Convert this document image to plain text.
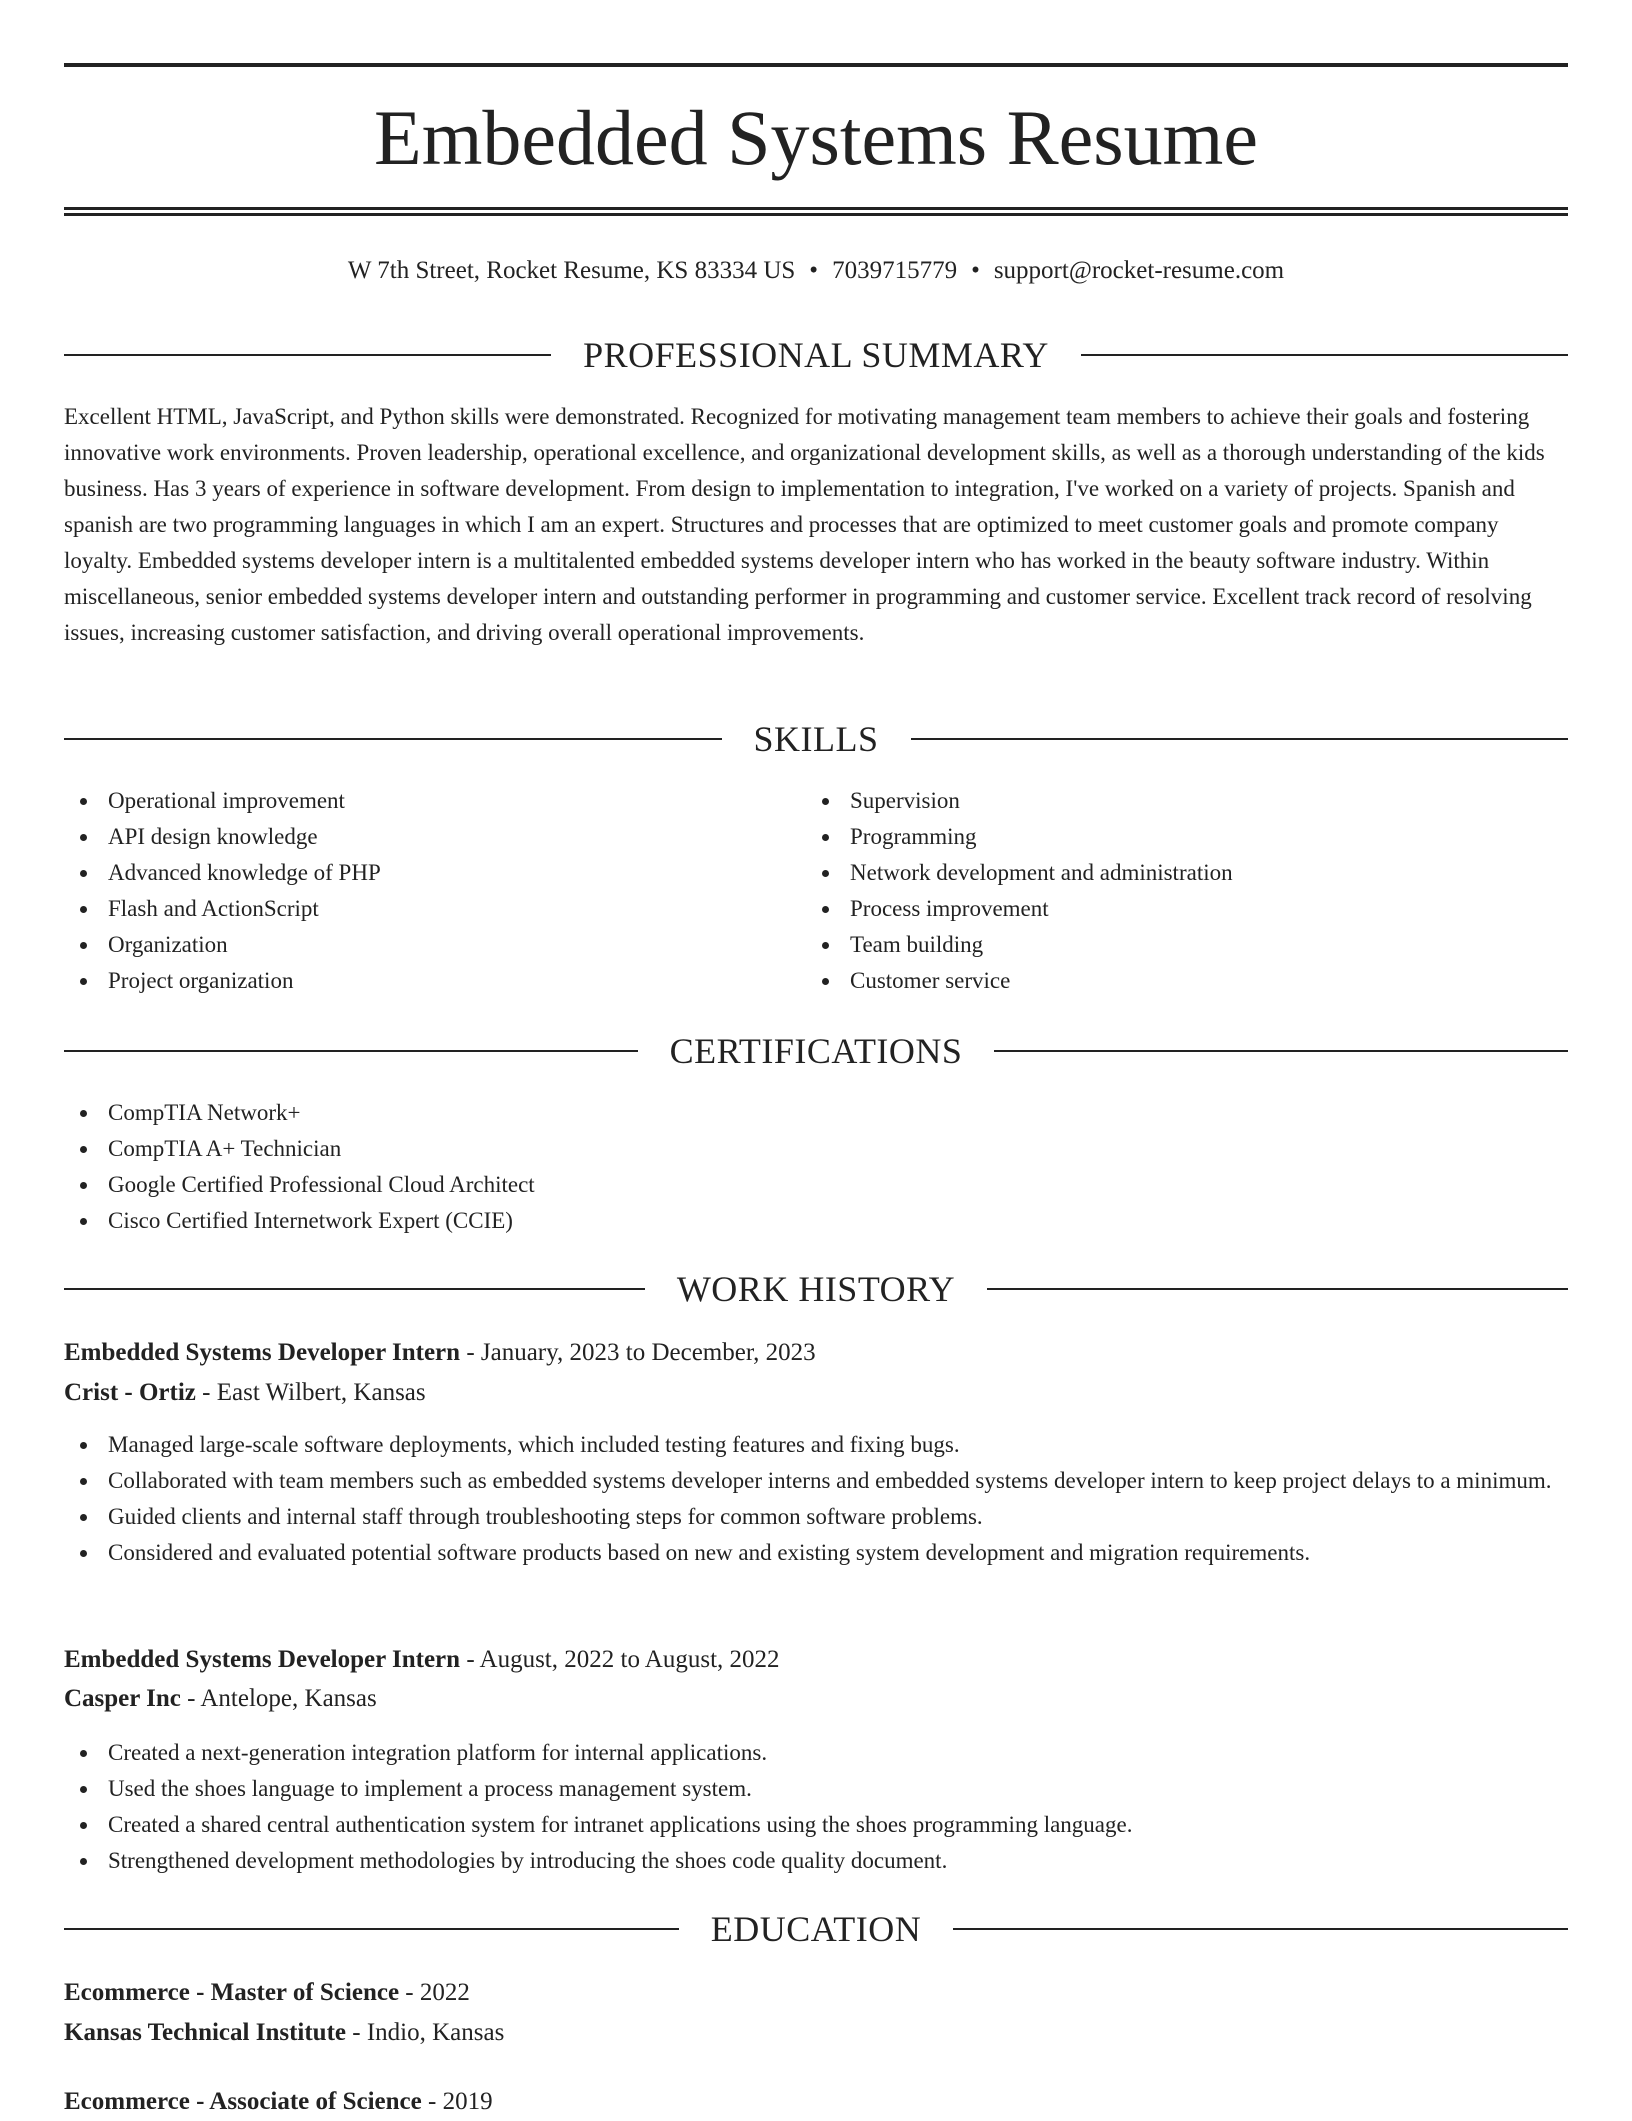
Embedded Systems Resume
W 7th Street, Rocket Resume, KS 83334 US • 7039715779 • support@rocket-resume.com
PROFESSIONAL SUMMARY

Excellent HTML, JavaScript, and Python skills were demonstrated. Recognized for motivating management team members to achieve their goals and fostering innovative work environments. Proven leadership, operational excellence, and organizational development skills, as well as a thorough understanding of the kids business. Has 3 years of experience in software development. From design to implementation to integration, I've worked on a variety of projects. Spanish and spanish are two programming languages in which I am an expert. Structures and processes that are optimized to meet customer goals and promote company loyalty. Embedded systems developer intern is a multitalented embedded systems developer intern who has worked in the beauty software industry. Within miscellaneous, senior embedded systems developer intern and outstanding performer in programming and customer service. Excellent track record of resolving issues, increasing customer satisfaction, and driving overall operational improvements.

SKILLS
Operational improvement
API design knowledge
Advanced knowledge of PHP
Flash and ActionScript
Organization
Project organization
Supervision
Programming
Network development and administration
Process improvement
Team building
Customer service
CERTIFICATIONS
CompTIA Network+
CompTIA A+ Technician
Google Certified Professional Cloud Architect
Cisco Certified Internetwork Expert (CCIE)
WORK HISTORY
Embedded Systems Developer Intern - January, 2023 to December, 2023
Crist - Ortiz - East Wilbert, Kansas
Managed large-scale software deployments, which included testing features and fixing bugs.
Collaborated with team members such as embedded systems developer interns and embedded systems developer intern to keep project delays to a minimum.
Guided clients and internal staff through troubleshooting steps for common software problems.
Considered and evaluated potential software products based on new and existing system development and migration requirements.
Embedded Systems Developer Intern - August, 2022 to August, 2022
Casper Inc - Antelope, Kansas
Created a next-generation integration platform for internal applications.
Used the shoes language to implement a process management system.
Created a shared central authentication system for intranet applications using the shoes programming language.
Strengthened development methodologies by introducing the shoes code quality document.
EDUCATION
Ecommerce - Master of Science - 2022
Kansas Technical Institute - Indio, Kansas
Ecommerce - Associate of Science - 2019
